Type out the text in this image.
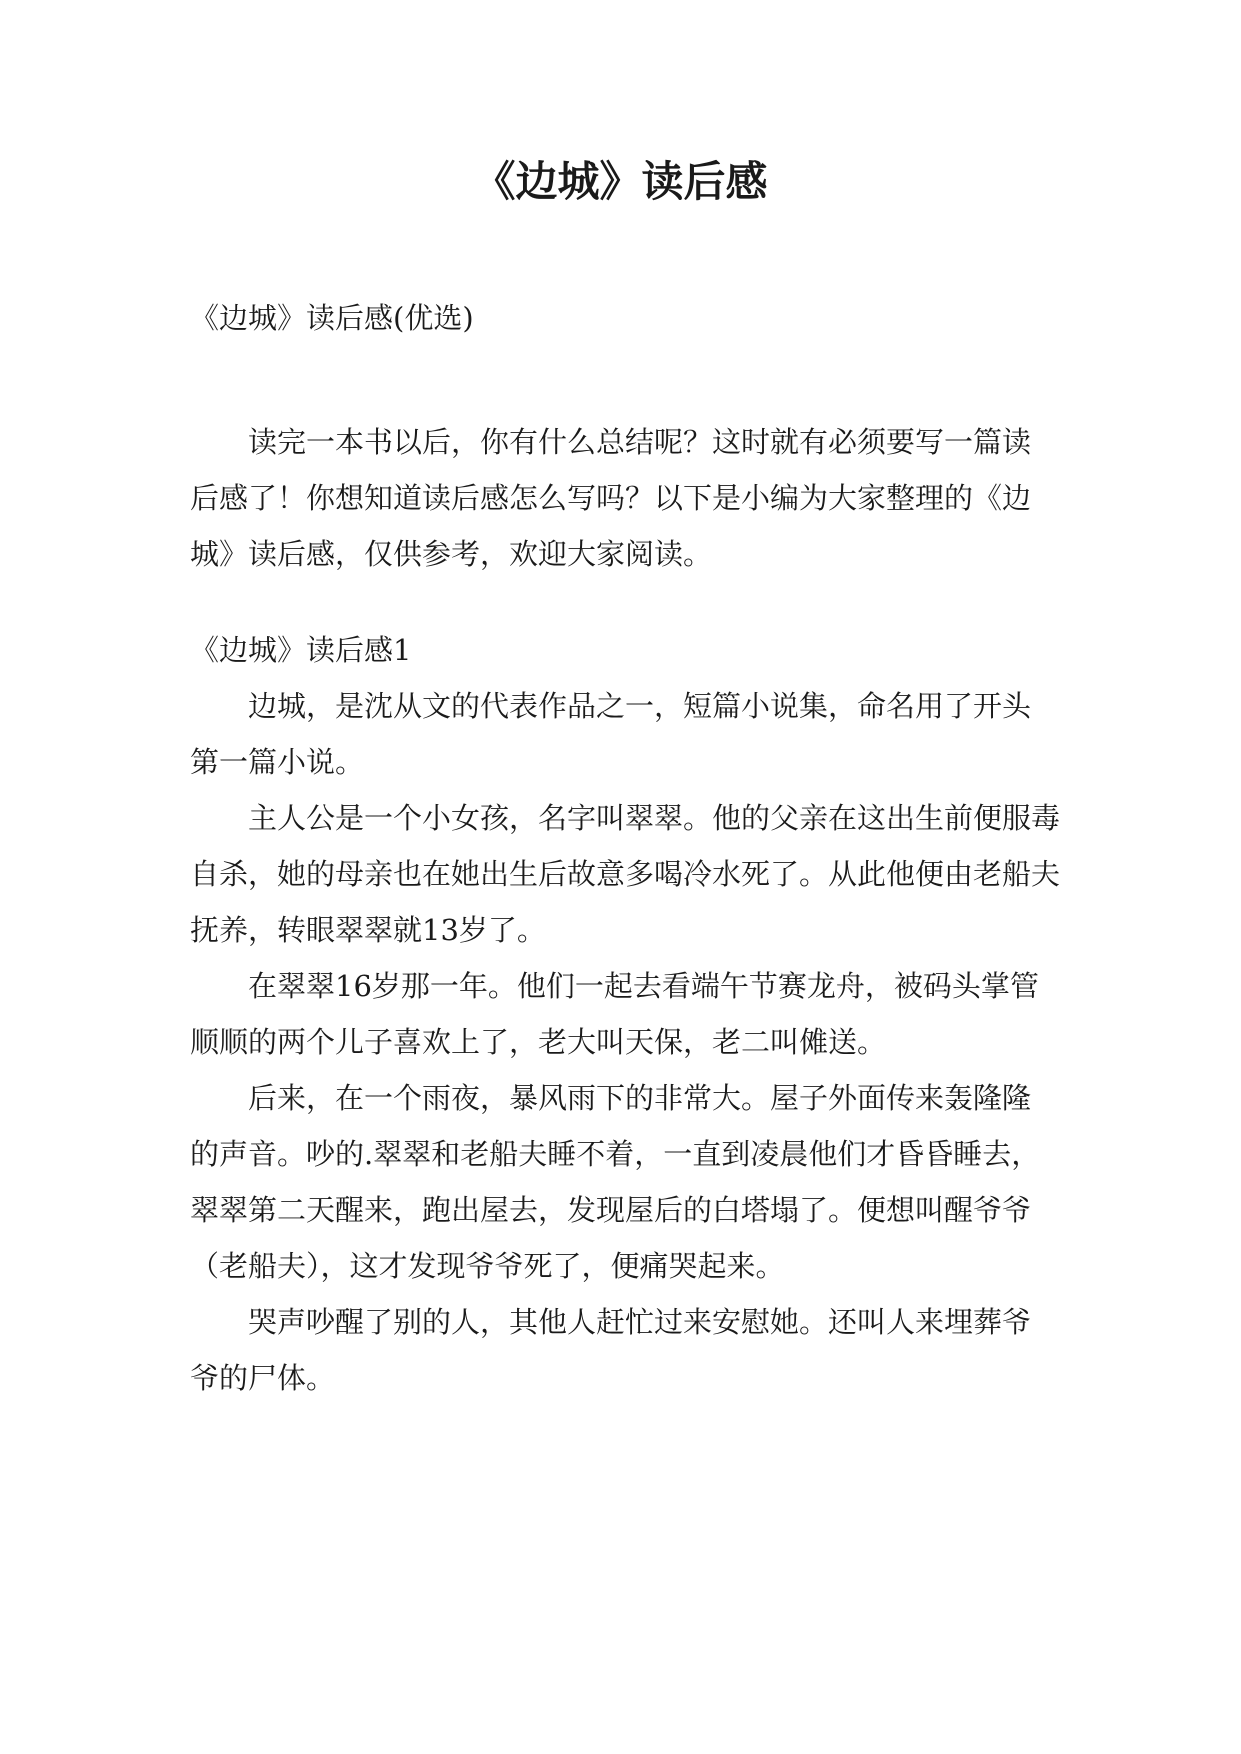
《边城》读后感

《边城》读后感(优选)

读完一本书以后，你有什么总结呢？这时就有必须要写一篇读后感了！你想知道读后感怎么写吗？以下是小编为大家整理的《边城》读后感，仅供参考，欢迎大家阅读。

《边城》读后感1

边城，是沈从文的代表作品之一，短篇小说集，命名用了开头第一篇小说。

主人公是一个小女孩，名字叫翠翠。他的父亲在这出生前便服毒自杀，她的母亲也在她出生后故意多喝冷水死了。从此他便由老船夫抚养，转眼翠翠就13岁了。

在翠翠16岁那一年。他们一起去看端午节赛龙舟，被码头掌管顺顺的两个儿子喜欢上了，老大叫天保，老二叫傩送。

后来，在一个雨夜，暴风雨下的非常大。屋子外面传来轰隆隆的声音。吵的.翠翠和老船夫睡不着，一直到凌晨他们才昏昏睡去，翠翠第二天醒来，跑出屋去，发现屋后的白塔塌了。便想叫醒爷爷（老船夫），这才发现爷爷死了，便痛哭起来。

哭声吵醒了别的人，其他人赶忙过来安慰她。还叫人来埋葬爷爷的尸体。
